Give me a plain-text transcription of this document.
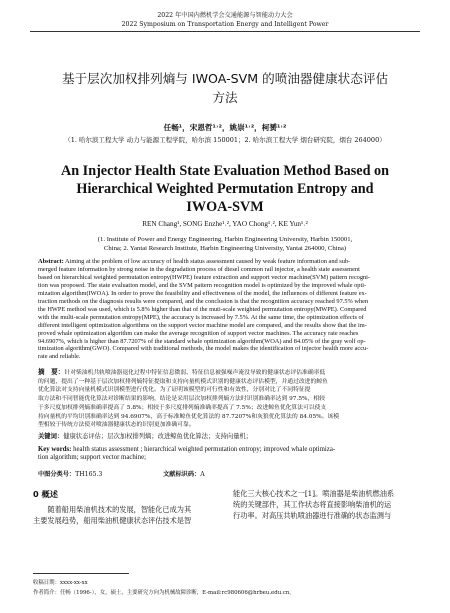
2022 年中国内燃机学会交通能源与智能动力大会
2022 Symposium on Transportation Energy and Intelligent Power
基于层次加权排列熵与 IWOA-SVM 的喷油器健康状态评估
方法
任畅¹，宋恩哲¹˒²，姚崇¹˒²，柯赟¹˒²
（1. 哈尔滨工程大学 动力与能源工程学院，哈尔滨 150001；2. 哈尔滨工程大学 烟台研究院，烟台 264000）
An Injector Health State Evaluation Method Based on
Hierarchical Weighted Permutation Entropy and
IWOA-SVM
REN Chang¹, SONG Enzhe¹˒², YAO Chong¹˒², KE Yun¹˒²
(1. Institute of Power and Energy Engineering, Harbin Engineering University, Harbin 150001,
China; 2. Yantai Research Institute, Harbin Engineering University, Yantai 264000, China)
Abstract: Aiming at the problem of low accuracy of health status assessment caused by weak feature information and sub-
merged feature information by strong noise in the degradation process of diesel common rail injector, a health state assessment
based on hierarchical weighted permutation entropy(HWPE) feature extraction and support vector machine(SVM) pattern recogni-
tion was proposed. The state evaluation model, and the SVM pattern recognition model is optimized by the improved whale opti-
mization algorithm(IWOA). In order to prove the feasibility and effectiveness of the model, the influences of different feature ex-
traction methods on the diagnosis results were compared, and the conclusion is that the recognition accuracy reached 97.5% when
the HWPE method was used, which is 5.8% higher than that of the muti-scale weighted permutation entropy(MWPE). Compared
with the multi-scale permutation entropy(MPE), the accuracy is increased by 7.5%. At the same time, the optimization effects of
different intelligent optimization algorithms on the support vector machine model are compared, and the results show that the im-
proved whale optimization algorithm can make the average recognition of support vector machines. The accuracy rate reaches
94.6907%, which is higher than 87.7207% of the standard whale optimization algorithm(WOA) and 84.05% of the gray wolf op-
timization algorithm(GWO). Compared with traditional methods, the model makes the identification of injector health more accu-
rate and reliable.
摘　要：针对柴油机共轨喷油器退化过程中特征信息微弱、特征信息被强噪声淹没导致的健康状态评估准确率低
的问题，提出了一种基于层次加权排列熵特征提取和支持向量机模式识别的健康状态评估模型，并通过改进的鲸鱼
优化算法对支持向量机模式识别模型进行优化。为了证明该模型的可行性和有效性，分别对比了不同特征提
取方法和不同智能优化算法对诊断结果的影响，结论是采用层次加权排列熵方法时识别准确率达到 97.5%，相较
于多尺度加权排列熵准确率提高了 5.8%；相较于多尺度排列熵准确率提高了 7.5%；改进鲸鱼优化算法可以使支
持向量机的平均识别准确率达到 94.6907%，高于标准鲸鱼优化算法的 87.7207%和灰狼优化算法的 84.05%。该模
型相较于传统方法使对喷油器健康状态的识别更加准确可靠。
关键词：健康状态评估；层次加权排列熵；改进鲸鱼优化算法；支持向量机；
Key words: health status assessment ; hierarchical weighted permutation entropy; improved whale optimiza-
tion algorithm; support vector machine;
中图分类号：TH165.3	文献标识码：A
0 概述
　　随着船用柴油机技术的发展，智能化已成为其
主要发展趋势，船用柴油机健康状态评估技术是智
能化三大核心技术之一[1]。喷油器是柴油机燃油系
统的关键部件，其工作状态将直接影响柴油机的运
行功率。对高压共轨喷油器进行准确的状态监测与
收稿日期：xxxx-xx-xx
作者简介：任畅（1996-），女，硕士，主要研究方向为机械故障诊断，E-mail:rc980606@hrbeu.edu.cn。
